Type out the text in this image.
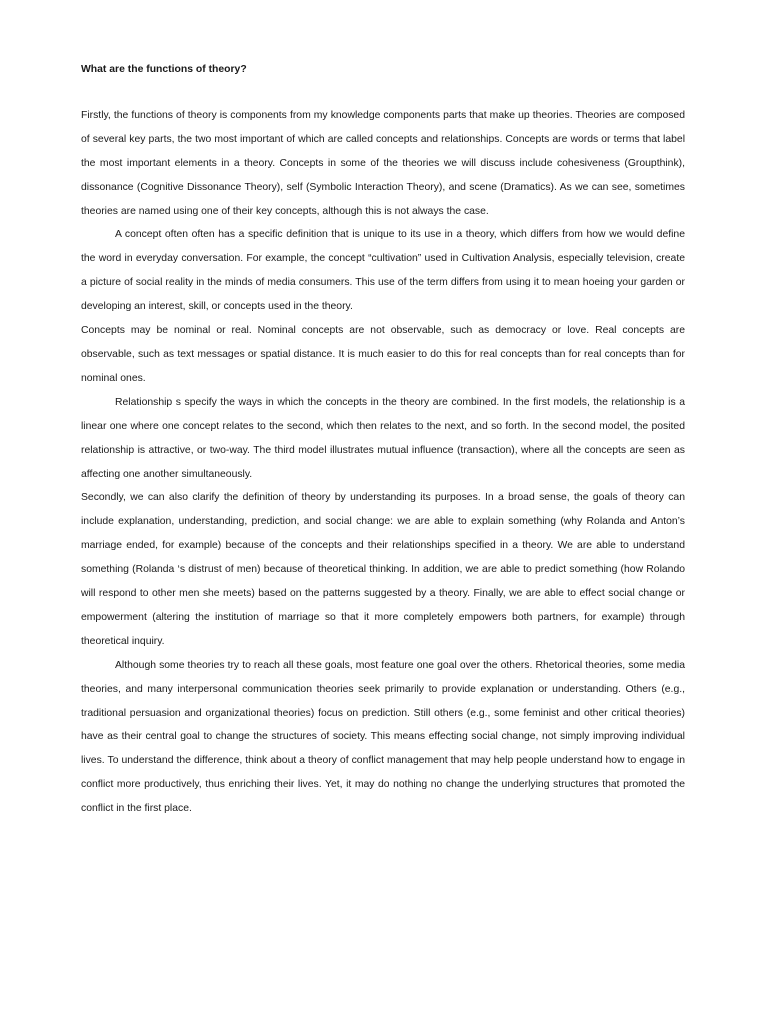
What are the functions of theory?

Firstly, the functions of theory is components from my knowledge components parts that make up theories. Theories are composed of several key parts, the two most important of which are called concepts and relationships. Concepts are words or terms that label the most important elements in a theory. Concepts in some of the theories we will discuss include cohesiveness (Groupthink), dissonance (Cognitive Dissonance Theory), self (Symbolic Interaction Theory), and scene (Dramatics). As we can see, sometimes theories are named using one of their key concepts, although this is not always the case.

A concept often often has a specific definition that is unique to its use in a theory, which differs from how we would define the word in everyday conversation. For example, the concept “cultivation” used in Cultivation Analysis, especially television, create a picture of social reality in the minds of media consumers. This use of the term differs from using it to mean hoeing your garden or developing an interest, skill, or concepts used in the theory.

Concepts may be nominal or real. Nominal concepts are not observable, such as democracy or love. Real concepts are observable, such as text messages or spatial distance. It is much easier to do this for real concepts than for real concepts than for nominal ones.

Relationship s specify the ways in which the concepts in the theory are combined. In the first models, the relationship is a linear one where one concept relates to the second, which then relates to the next, and so forth. In the second model, the posited relationship is attractive, or two-way. The third model illustrates mutual influence (transaction), where all the concepts are seen as affecting one another simultaneously.

Secondly, we can also clarify the definition of theory by understanding its purposes. In a broad sense, the goals of theory can include explanation, understanding, prediction, and social change: we are able to explain something (why Rolanda and Anton’s marriage ended, for example) because of the concepts and their relationships specified in a theory. We are able to understand something (Rolanda ‘s distrust of men) because of theoretical thinking. In addition, we are able to predict something (how Rolando will respond to other men she meets) based on the patterns suggested by a theory. Finally, we are able to effect social change or empowerment (altering the institution of marriage so that it more completely empowers both partners, for example) through theoretical inquiry.

Although some theories try to reach all these goals, most feature one goal over the others. Rhetorical theories, some media theories, and many interpersonal communication theories seek primarily to provide explanation or understanding. Others (e.g., traditional persuasion and organizational theories) focus on prediction. Still others (e.g., some feminist and other critical theories) have as their central goal to change the structures of society. This means effecting social change, not simply improving individual lives. To understand the difference, think about a theory of conflict management that may help people understand how to engage in conflict more productively, thus enriching their lives. Yet, it may do nothing no change the underlying structures that promoted the conflict in the first place.
